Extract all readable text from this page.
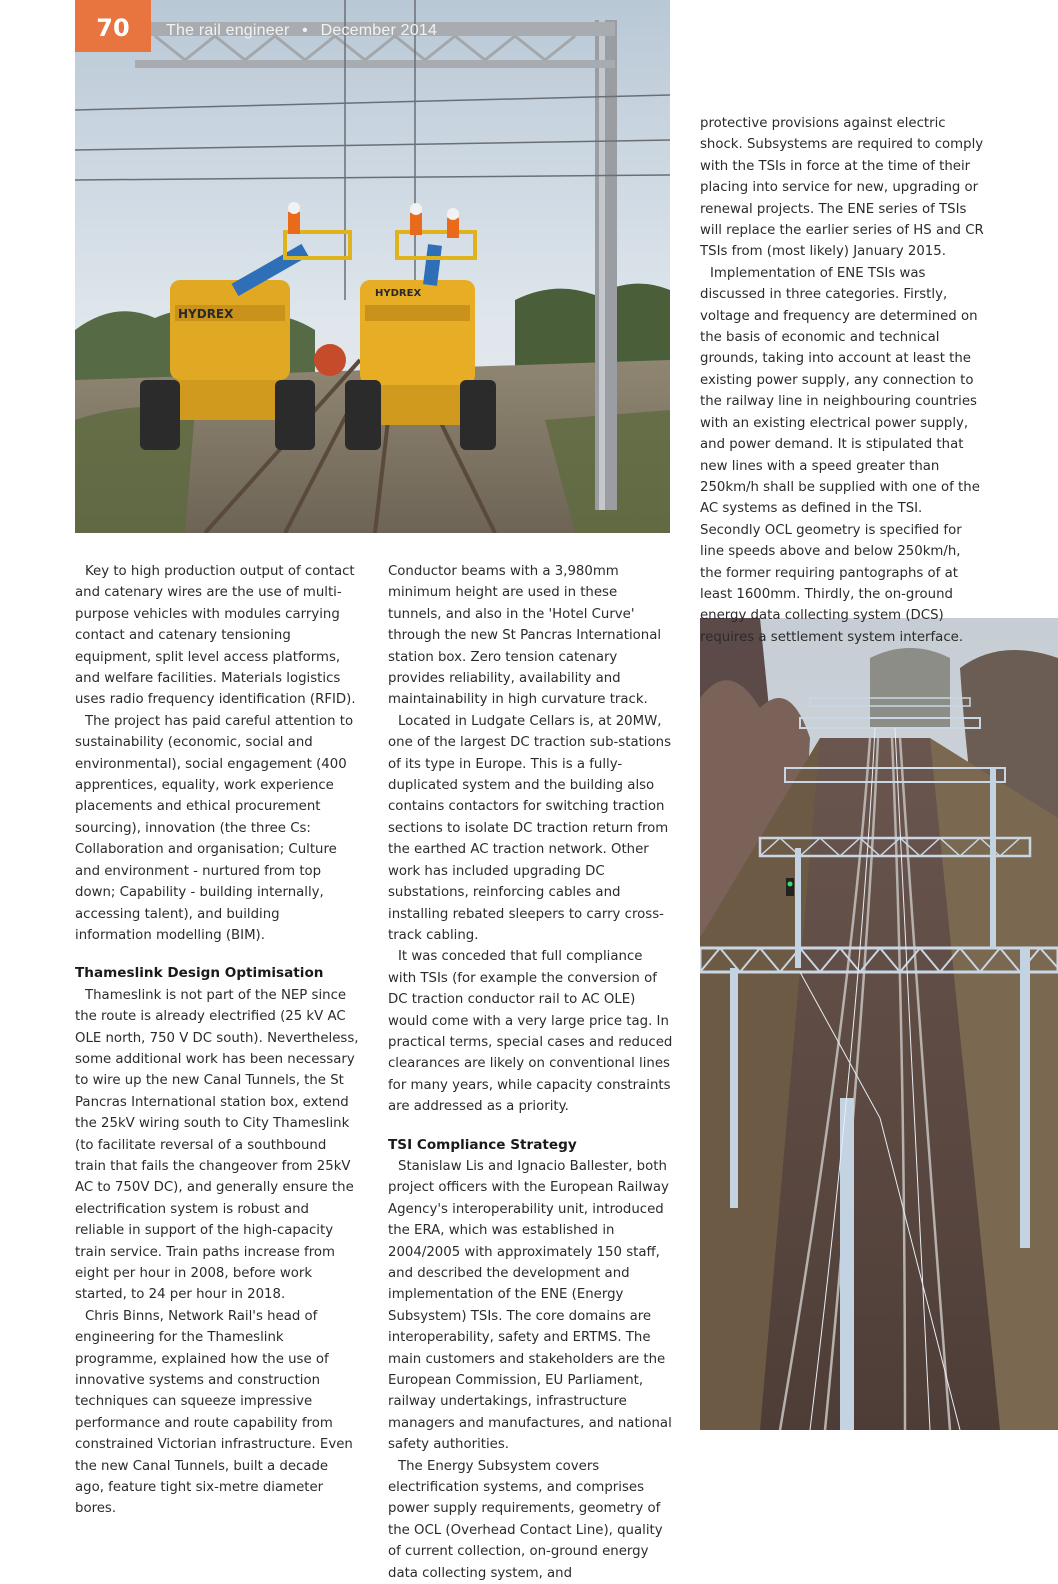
HYDREX
HYDREX
70	The rail engineer • December 2014

Key to high production output of contact and catenary wires are the use of multi-purpose vehicles with modules carrying contact and catenary tensioning equipment, split level access platforms, and welfare facilities. Materials logistics uses radio frequency identification (RFID).

The project has paid careful attention to sustainability (economic, social and environmental), social engagement (400 apprentices, equality, work experience placements and ethical procurement sourcing), innovation (the three Cs: Collaboration and organisation; Culture and environment - nurtured from top down; Capability - building internally, accessing talent), and building information modelling (BIM).

Thameslink Design Optimisation

Thameslink is not part of the NEP since the route is already electrified (25 kV AC OLE north, 750 V DC south). Nevertheless, some additional work has been necessary to wire up the new Canal Tunnels, the St Pancras International station box, extend the 25kV wiring south to City Thameslink (to facilitate reversal of a southbound train that fails the changeover from 25kV AC to 750V DC), and generally ensure the electrification system is robust and reliable in support of the high-capacity train service. Train paths increase from eight per hour in 2008, before work started, to 24 per hour in 2018.

Chris Binns, Network Rail's head of engineering for the Thameslink programme, explained how the use of innovative systems and construction techniques can squeeze impressive performance and route capability from constrained Victorian infrastructure. Even the new Canal Tunnels, built a decade ago, feature tight six-metre diameter bores.

Conductor beams with a 3,980mm minimum height are used in these tunnels, and also in the 'Hotel Curve' through the new St Pancras International station box. Zero tension catenary provides reliability, availability and maintainability in high curvature track.

Located in Ludgate Cellars is, at 20MW, one of the largest DC traction sub-stations of its type in Europe. This is a fully-duplicated system and the building also contains contactors for switching traction sections to isolate DC traction return from the earthed AC traction network. Other work has included upgrading DC substations, reinforcing cables and installing rebated sleepers to carry cross-track cabling.

It was conceded that full compliance with TSIs (for example the conversion of DC traction conductor rail to AC OLE) would come with a very large price tag. In practical terms, special cases and reduced clearances are likely on conventional lines for many years, while capacity constraints are addressed as a priority.

TSI Compliance Strategy

Stanislaw Lis and Ignacio Ballester, both project officers with the European Railway Agency's interoperability unit, introduced the ERA, which was established in 2004/2005 with approximately 150 staff, and described the development and implementation of the ENE (Energy Subsystem) TSIs. The core domains are interoperability, safety and ERTMS. The main customers and stakeholders are the European Commission, EU Parliament, railway undertakings, infrastructure managers and manufactures, and national safety authorities.

The Energy Subsystem covers electrification systems, and comprises power supply requirements, geometry of the OCL (Overhead Contact Line), quality of current collection, on-ground energy data collecting system, and

protective provisions against electric shock. Subsystems are required to comply with the TSIs in force at the time of their placing into service for new, upgrading or renewal projects. The ENE series of TSIs will replace the earlier series of HS and CR TSIs from (most likely) January 2015.

Implementation of ENE TSIs was discussed in three categories. Firstly, voltage and frequency are determined on the basis of economic and technical grounds, taking into account at least the existing power supply, any connection to the railway line in neighbouring countries with an existing electrical power supply, and power demand. It is stipulated that new lines with a speed greater than 250km/h shall be supplied with one of the AC systems as defined in the TSI. Secondly OCL geometry is specified for line speeds above and below 250km/h, the former requiring pantographs of at least 1600mm. Thirdly, the on-ground energy data collecting system (DCS) requires a settlement system interface.
